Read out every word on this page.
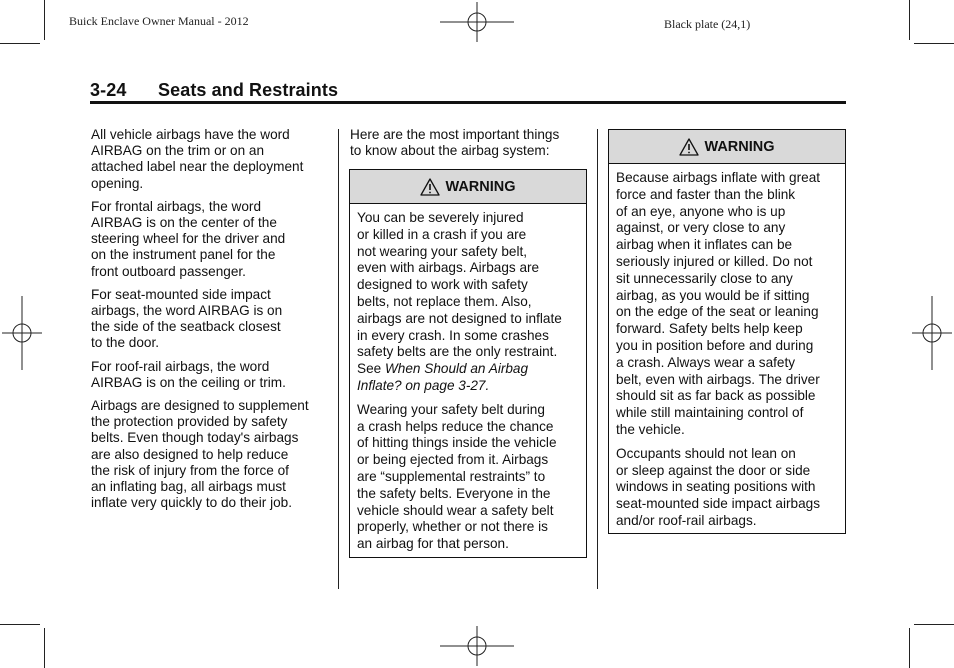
Buick Enclave Owner Manual - 2012	Black plate (24,1)
3-24 Seats and Restraints

All vehicle airbags have the word
AIRBAG on the trim or on an
attached label near the deployment
opening.

For frontal airbags, the word
AIRBAG is on the center of the
steering wheel for the driver and
on the instrument panel for the
front outboard passenger.

For seat-mounted side impact
airbags, the word AIRBAG is on
the side of the seatback closest
to the door.

For roof-rail airbags, the word
AIRBAG is on the ceiling or trim.

Airbags are designed to supplement
the protection provided by safety
belts. Even though today's airbags
are also designed to help reduce
the risk of injury from the force of
an inflating bag, all airbags must
inflate very quickly to do their job.

Here are the most important things
to know about the airbag system:
WARNING

You can be severely injured
or killed in a crash if you are
not wearing your safety belt,
even with airbags. Airbags are
designed to work with safety
belts, not replace them. Also,
airbags are not designed to inflate
in every crash. In some crashes
safety belts are the only restraint.
See When Should an Airbag
Inflate? on page 3-27.

Wearing your safety belt during
a crash helps reduce the chance
of hitting things inside the vehicle
or being ejected from it. Airbags
are “supplemental restraints” to
the safety belts. Everyone in the
vehicle should wear a safety belt
properly, whether or not there is
an airbag for that person.

WARNING

Because airbags inflate with great
force and faster than the blink
of an eye, anyone who is up
against, or very close to any
airbag when it inflates can be
seriously injured or killed. Do not
sit unnecessarily close to any
airbag, as you would be if sitting
on the edge of the seat or leaning
forward. Safety belts help keep
you in position before and during
a crash. Always wear a safety
belt, even with airbags. The driver
should sit as far back as possible
while still maintaining control of
the vehicle.

Occupants should not lean on
or sleep against the door or side
windows in seating positions with
seat-mounted side impact airbags
and/or roof-rail airbags.
